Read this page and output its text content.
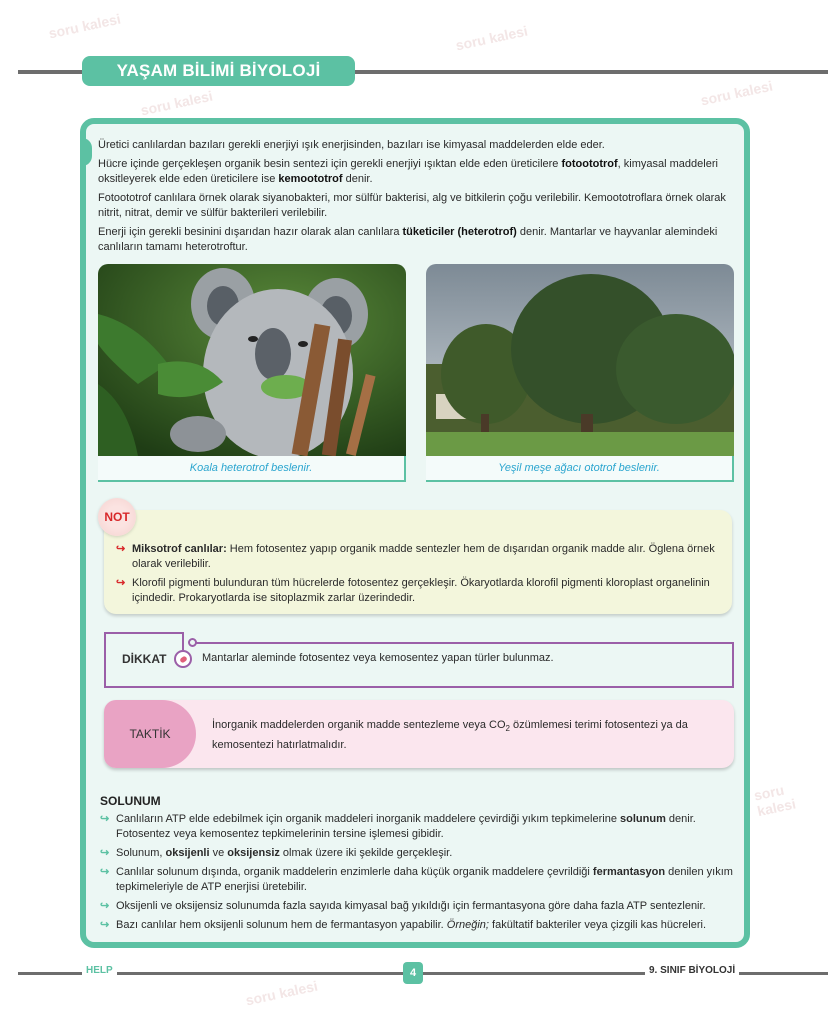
soru kalesi	soru kalesi
soru kalesi
soru kalesi
soru kalesi
soru kalesi
YAŞAM BİLİMİ BİYOLOJİ

Üretici canlılardan bazıları gerekli enerjiyi ışık enerjisinden, bazıları ise kimyasal maddelerden elde eder.

Hücre içinde gerçekleşen organik besin sentezi için gerekli enerjiyi ışıktan elde eden üreticilere fotoototrof, kimyasal maddeleri oksitleyerek elde eden üreticilere ise kemoototrof denir.

Fotoototrof canlılara örnek olarak siyanobakteri, mor sülfür bakterisi, alg ve bitkilerin çoğu verilebilir. Kemoototroflara örnek olarak nitrit, nitrat, demir ve sülfür bakterileri verilebilir.

Enerji için gerekli besinini dışarıdan hazır olarak alan canlılara tüketiciler (heterotrof) denir. Mantarlar ve hayvanlar alemindeki canlıların tamamı heterotroftur.

Koala heterotrof beslenir.	Yeşil meşe ağacı ototrof beslenir.
NOT
↪ Miksotrof canlılar: Hem fotosentez yapıp organik madde sentezler hem de dışarıdan organik madde alır. Öglena örnek olarak verilebilir.
↪ Klorofil pigmenti bulunduran tüm hücrelerde fotosentez gerçekleşir. Ökaryotlarda klorofil pigmenti kloroplast organelinin içindedir. Prokaryotlarda ise sitoplazmik zarlar üzerindedir.
DİKKAT	Mantarlar aleminde fotosentez veya kemosentez yapan türler bulunmaz.
TAKTİK
İnorganik maddelerden organik madde sentezleme veya $CO_2$ özümlemesi terimi fotosentezi ya da kemosentezi hatırlatmalıdır.
SOLUNUM
↪ Canlıların ATP elde edebilmek için organik maddeleri inorganik maddelere çevirdiği yıkım tepkimelerine solunum denir. Fotosentez veya kemosentez tepkimelerinin tersine işlemesi gibidir.
↪ Solunum, oksijenli ve oksijensiz olmak üzere iki şekilde gerçekleşir.
↪ Canlılar solunum dışında, organik maddelerin enzimlerle daha küçük organik maddelere çevrildiği fermantasyon denilen yıkım tepkimeleriyle de ATP enerjisi üretebilir.
↪ Oksijenli ve oksijensiz solunumda fazla sayıda kimyasal bağ yıkıldığı için fermantasyona göre daha fazla ATP sentezlenir.
↪ Bazı canlılar hem oksijenli solunum hem de fermantasyon yapabilir. Örneğin; fakültatif bakteriler veya çizgili kas hücreleri.
HELP	4	9. SINIF BİYOLOJİ
